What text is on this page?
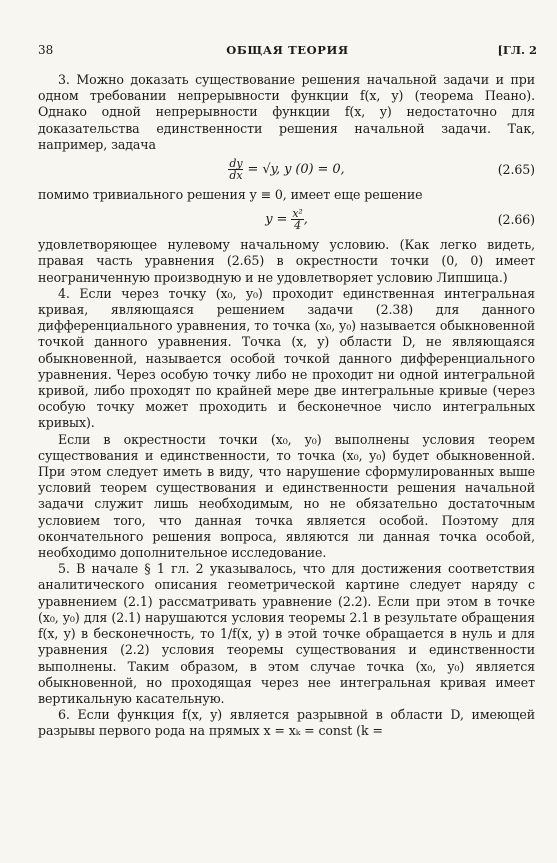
38	ОБЩАЯ ТЕОРИЯ	[ГЛ. 2

3. Можно доказать существование решения начальной задачи и при одном требовании непрерывности функции f(x, y) (теорема Пеано). Однако одной непрерывности функции f(x, y) недостаточно для доказательства единственности решения начальной задачи. Так, например, задача

$\frac{dy}{dx} = √y$, y (0) = 0,	(2.65)

помимо тривиального решения y ≡ 0, имеет еще решение

$y = \frac{\text{x²}}{4}$ ,	(2.66)

удовлетворяющее нулевому начальному условию. (Как легко видеть, правая часть уравнения (2.65) в окрестности точки (0, 0) имеет неограниченную производную и не удовлетворяет условию Липшица.)

4. Если через точку (x₀, y₀) проходит единственная интегральная кривая, являющаяся решением задачи (2.38) для данного дифференциального уравнения, то точка (x₀, y₀) называется обыкновенной точкой данного уравнения. Точка (x, y) области D, не являющаяся обыкновенной, называется особой точкой данного дифференциального уравнения. Через особую точку либо не проходит ни одной интегральной кривой, либо проходят по крайней мере две интегральные кривые (через особую точку может проходить и бесконечное число интегральных кривых).

Если в окрестности точки (x₀, y₀) выполнены условия теорем существования и единственности, то точка (x₀, y₀) будет обыкновенной. При этом следует иметь в виду, что нарушение сформулированных выше условий теорем существования и единственности решения начальной задачи служит лишь необходимым, но не обязательно достаточным условием того, что данная точка является особой. Поэтому для окончательного решения вопроса, являются ли данная точка особой, необходимо дополнительное исследование.

5. В начале § 1 гл. 2 указывалось, что для достижения соответствия аналитического описания геометрической картине следует наряду с уравнением (2.1) рассматривать уравнение (2.2). Если при этом в точке (x₀, y₀) для (2.1) нарушаются условия теоремы 2.1 в результате обращения f(x, y) в бесконечность, то 1/f(x, y) в этой точке обращается в нуль и для уравнения (2.2) условия теоремы существования и единственности выполнены. Таким образом, в этом случае точка (x₀, y₀) является обыкновенной, но проходящая через нее интегральная кривая имеет вертикальную касательную.

6. Если функция f(x, y) является разрывной в области D, имеющей разрывы первого рода на прямых x = xₖ = const (k =
